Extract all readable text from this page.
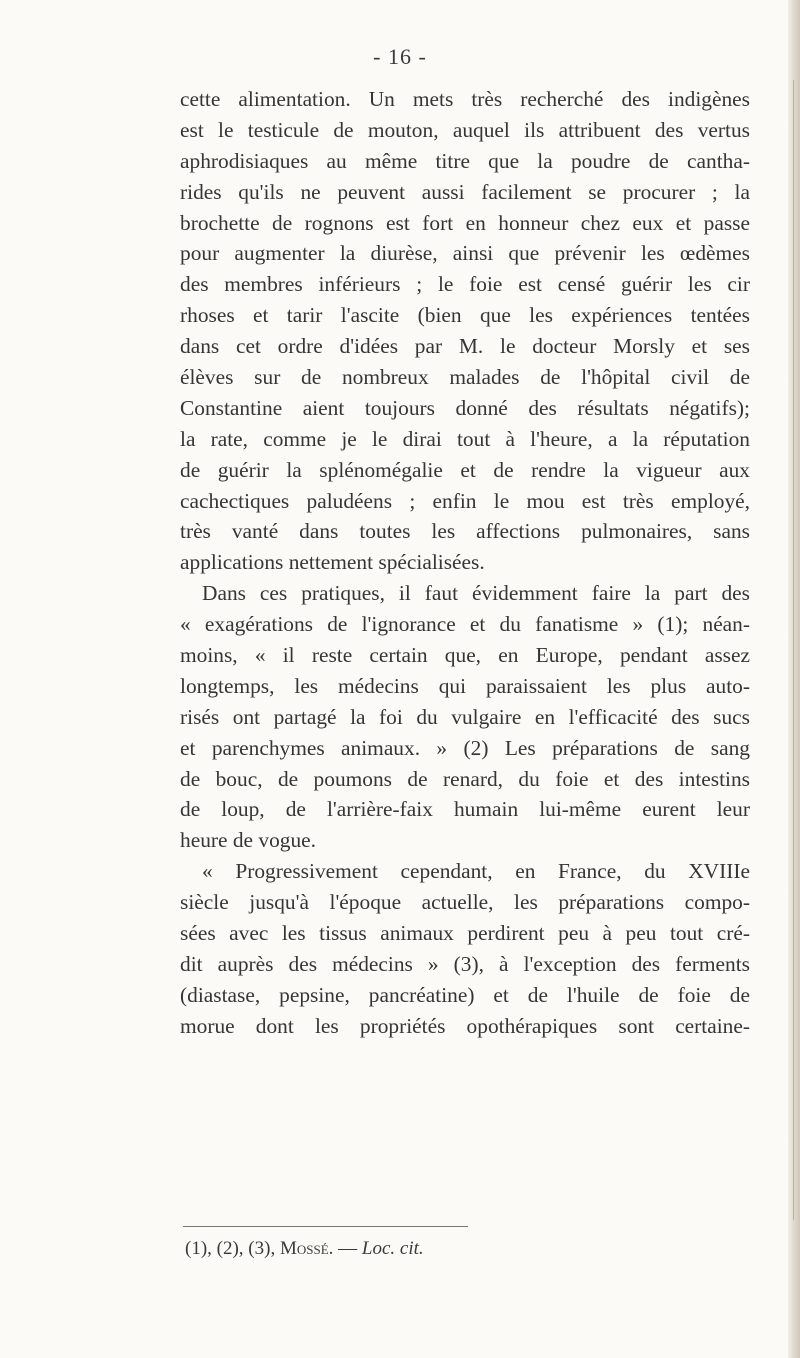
- 16 -
cette alimentation. Un mets très recherché des indigènes
est le testicule de mouton, auquel ils attribuent des vertus
aphrodisiaques au même titre que la poudre de cantha-
rides qu'ils ne peuvent aussi facilement se procurer ; la
brochette de rognons est fort en honneur chez eux et passe
pour augmenter la diurèse, ainsi que prévenir les œdèmes
des membres inférieurs ; le foie est censé guérir les cir
rhoses et tarir l'ascite (bien que les expériences tentées
dans cet ordre d'idées par M. le docteur Morsly et ses
élèves sur de nombreux malades de l'hôpital civil de
Constantine aient toujours donné des résultats négatifs);
la rate, comme je le dirai tout à l'heure, a la réputation
de guérir la splénomégalie et de rendre la vigueur aux
cachectiques paludéens ; enfin le mou est très employé,
très vanté dans toutes les affections pulmonaires, sans
applications nettement spécialisées.
Dans ces pratiques, il faut évidemment faire la part des
« exagérations de l'ignorance et du fanatisme » (1); néan-
moins, « il reste certain que, en Europe, pendant assez
longtemps, les médecins qui paraissaient les plus auto-
risés ont partagé la foi du vulgaire en l'efficacité des sucs
et parenchymes animaux. » (2) Les préparations de sang
de bouc, de poumons de renard, du foie et des intestins
de loup, de l'arrière-faix humain lui-même eurent leur
heure de vogue.
« Progressivement cependant, en France, du XVIIIe
siècle jusqu'à l'époque actuelle, les préparations compo-
sées avec les tissus animaux perdirent peu à peu tout cré-
dit auprès des médecins » (3), à l'exception des ferments
(diastase, pepsine, pancréatine) et de l'huile de foie de
morue dont les propriétés opothérapiques sont certaine-
(1), (2), (3), Mossé. — Loc. cit.
